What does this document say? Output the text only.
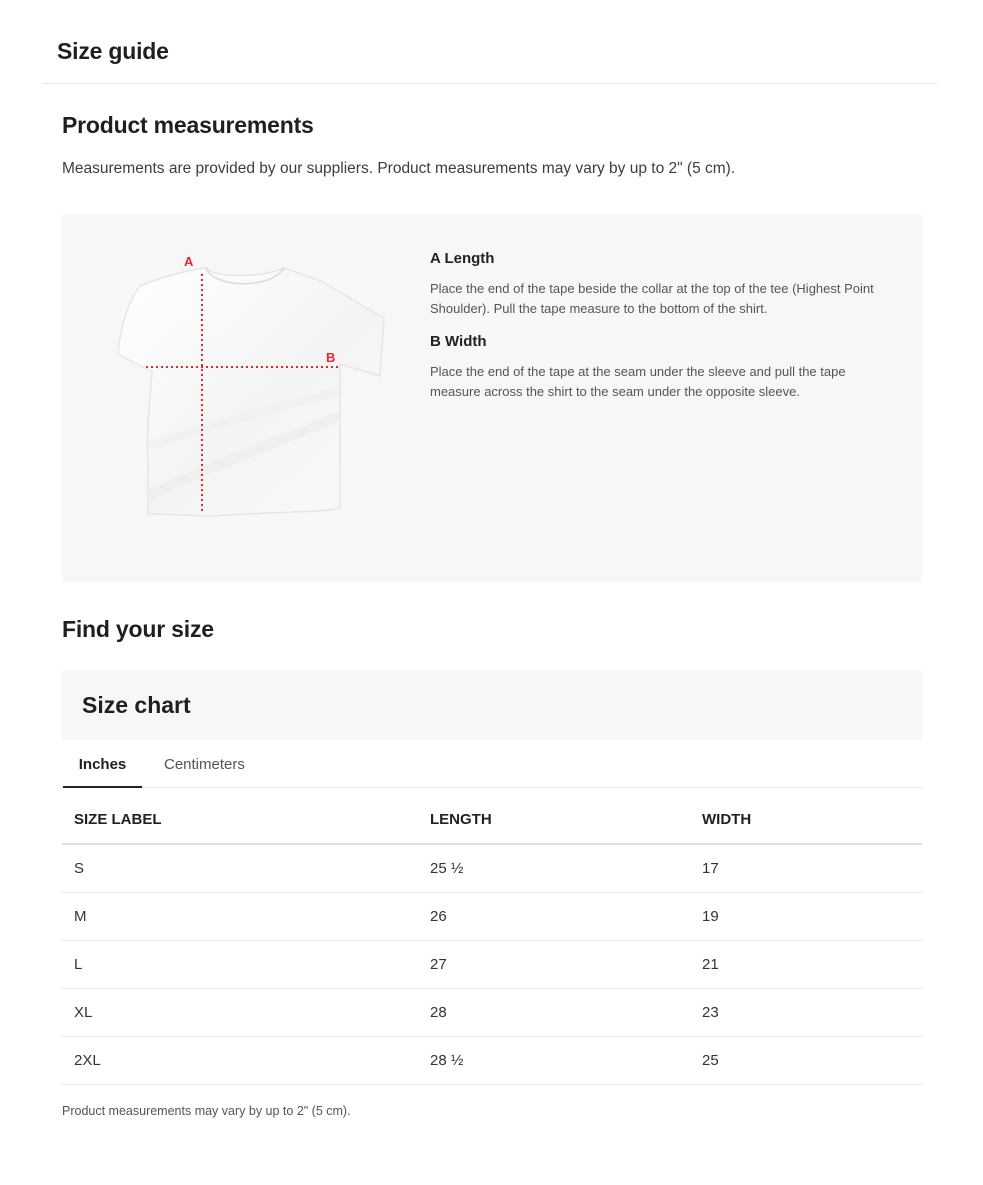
Size guide
Product measurements

Measurements are provided by our suppliers. Product measurements may vary by up to 2" (5 cm).

A
B
A Length
Place the end of the tape beside the collar at the top of the tee (Highest Point Shoulder). Pull the tape measure to the bottom of the shirt.
B Width
Place the end of the tape at the seam under the sleeve and pull the tape measure across the shirt to the seam under the opposite sleeve.
Find your size
Size chart
Inches	Centimeters
SIZE LABEL	LENGTH	WIDTH
S	25 ½	17
M	26	19
L	27	21
XL	28	23
2XL	28 ½	25

Product measurements may vary by up to 2" (5 cm).
